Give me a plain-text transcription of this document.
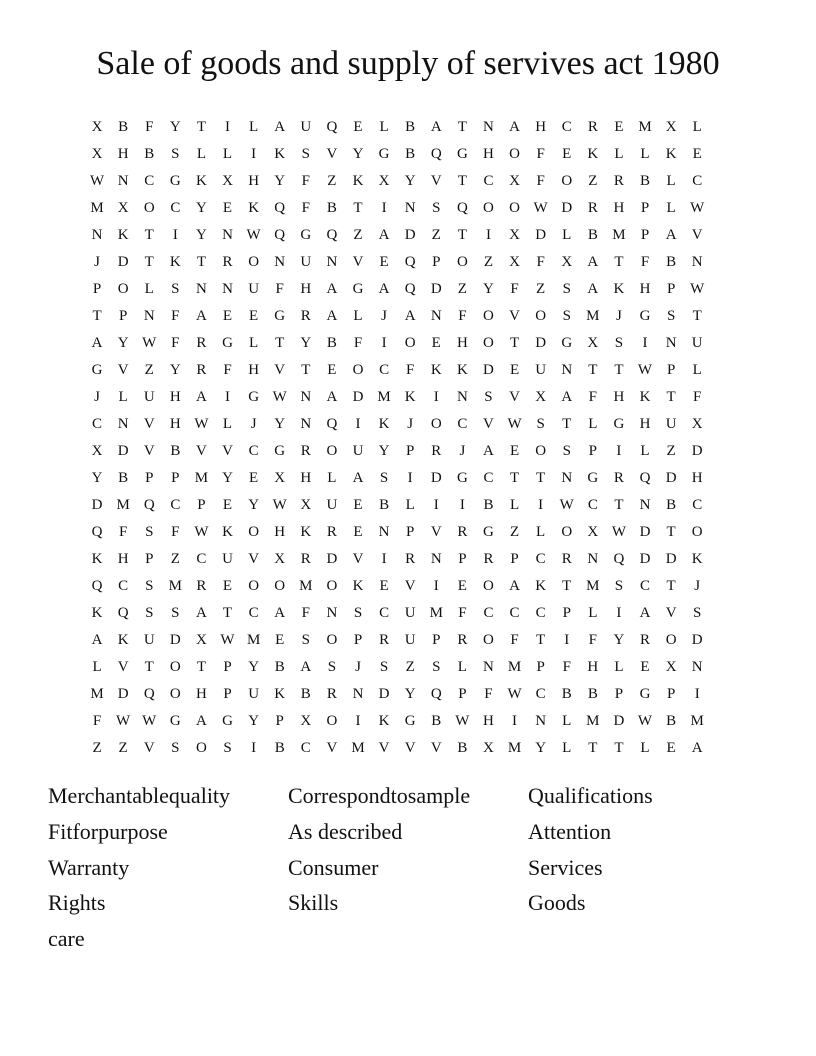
Sale of goods and supply of servives act 1980
X	B	F	Y	T	I	L	A	U	Q	E	L	B	A	T	N	A	H	C	R	E M X	L
X	H	B	S	L	L	I	K	S	V	Y	G	B	Q	G	H	O	F	E	K	L	L	K	E
W N	C	G	K	X	H	Y	F	Z	K	X	Y	V	T	C	X	F	O	Z	R	B	L	C
M X	O	C	Y	E	K	Q	F	B	T	I	N	S	Q	O	O W D	R	H	P	L W
N	K	T	I	Y	N W Q	G	Q	Z	A	D	Z	T	I	X	D	L	B M	P	A	V
J	D	T	K	T	R	O	N	U	N	V	E	Q	P	O	Z	X	F	X	A	T	F	B	N
P	O	L	S	N	N	U	F	H	A	G	A	Q	D	Z	Y	F	Z	S	A	K	H	P W
T	P	N	F	A	E	E	G	R	A	L	J	A	N	F	O	V	O	S	M	J	G	S	T
A	Y W F	R	G	L	T	Y	B	F	I	O	E	H	O	T	D	G	X	S	I	N	U
G	V	Z	Y	R	F	H	V	T	E	O	C	F	K	K	D	E	U	N	T	T W P	L
J	L	U	H	A	I	G W N	A	D M K	I	N	S	V	X	A	F	H	K	T	F
C	N	V	H W L	J	Y	N	Q	I	K	J	O	C	V W S	T	L	G	H	U	X
X	D	V	B	V	V	C	G	R	O	U	Y	P	R	J	A	E	O	S	P	I	L	Z	D
Y	B	P	P	M Y	E	X	H	L	A	S	I	D	G	C	T	T	N	G	R	Q	D	H
D M Q	C	P	E	Y W X	U	E	B	L	I	I	B	L	I	W C	T	N	B	C
Q	F	S	F W K	O	H	K	R	E	N	P	V	R	G	Z	L	O	X W D	T	O
K	H	P	Z	C	U	V	X	R	D	V	I	R	N	P	R	P	C	R	N	Q	D	D	K
Q	C	S	M R	E	O	O M O	K	E	V	I	E	O	A	K	T M	S	C	T	J
K	Q	S	S	A	T	C	A	F	N	S	C	U M	F	C	C	C	P	L	I	A	V	S
A	K	U	D	X W M E	S	O	P	R	U	P	R	O	F	T	I	F	Y	R	O	D
L	V	T	O	T	P	Y	B	A	S	J	S	Z	S	L	N M	P	F	H	L	E	X	N
M D	Q	O	H	P	U	K	B	R	N	D	Y	Q	P	F W C	B	B	P	G	P	I
F W W G	A	G	Y	P	X	O	I	K	G	B W H	I	N	L M D W B M
Z	Z	V	S	O	S	I	B	C	V M V	V	V	B	X M Y	L	T	T	L	E	A
Merchantablequality	Correspondtosample	Qualifications
Fitforpurpose	As described	Attention
Warranty	Consumer	Services
Rights	Skills	Goods
care
